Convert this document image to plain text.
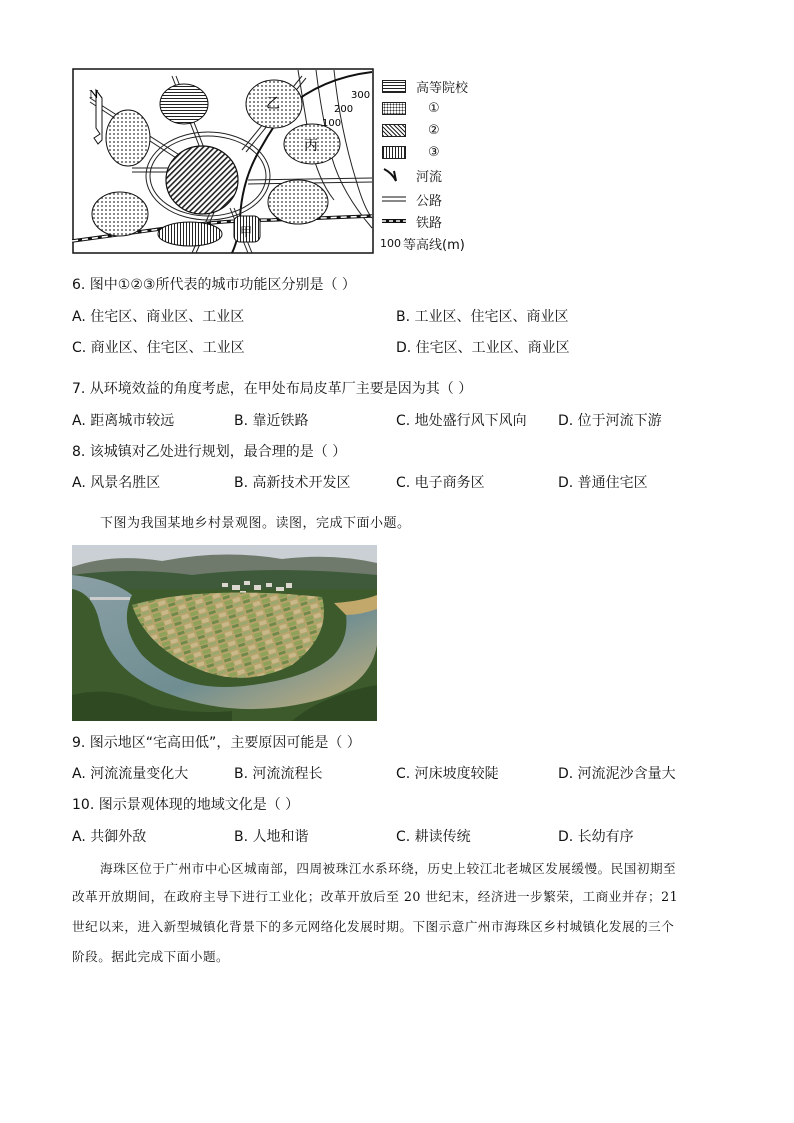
N
乙
丙
甲
300
200
100
高等院校
①
②
③
河流
公路
铁路
100 等高线(m)
6. 图中①②③所代表的城市功能区分别是（ ）
A. 住宅区、商业区、工业区	B. 工业区、住宅区、商业区
C. 商业区、住宅区、工业区	D. 住宅区、工业区、商业区
7. 从环境效益的角度考虑，在甲处布局皮革厂主要是因为其（ ）
A. 距离城市较远	B. 靠近铁路	C. 地处盛行风下风向 D. 位于河流下游
8. 该城镇对乙处进行规划，最合理的是（ ）
A. 风景名胜区	B. 高新技术开发区	C. 电子商务区	D. 普通住宅区
下图为我国某地乡村景观图。读图，完成下面小题。
9. 图示地区“宅高田低”，主要原因可能是（ ）
A. 河流流量变化大	B. 河流流程长	C. 河床坡度较陡	D. 河流泥沙含量大
10. 图示景观体现的地域文化是（ ）
A. 共御外敌	B. 人地和谐	C. 耕读传统	D. 长幼有序
海珠区位于广州市中心区城南部，四周被珠江水系环绕，历史上较江北老城区发展缓慢。民国初期至
改革开放期间，在政府主导下进行工业化；改革开放后至 20 世纪末，经济进一步繁荣，工商业并存；21
世纪以来，进入新型城镇化背景下的多元网络化发展时期。下图示意广州市海珠区乡村城镇化发展的三个
阶段。据此完成下面小题。
